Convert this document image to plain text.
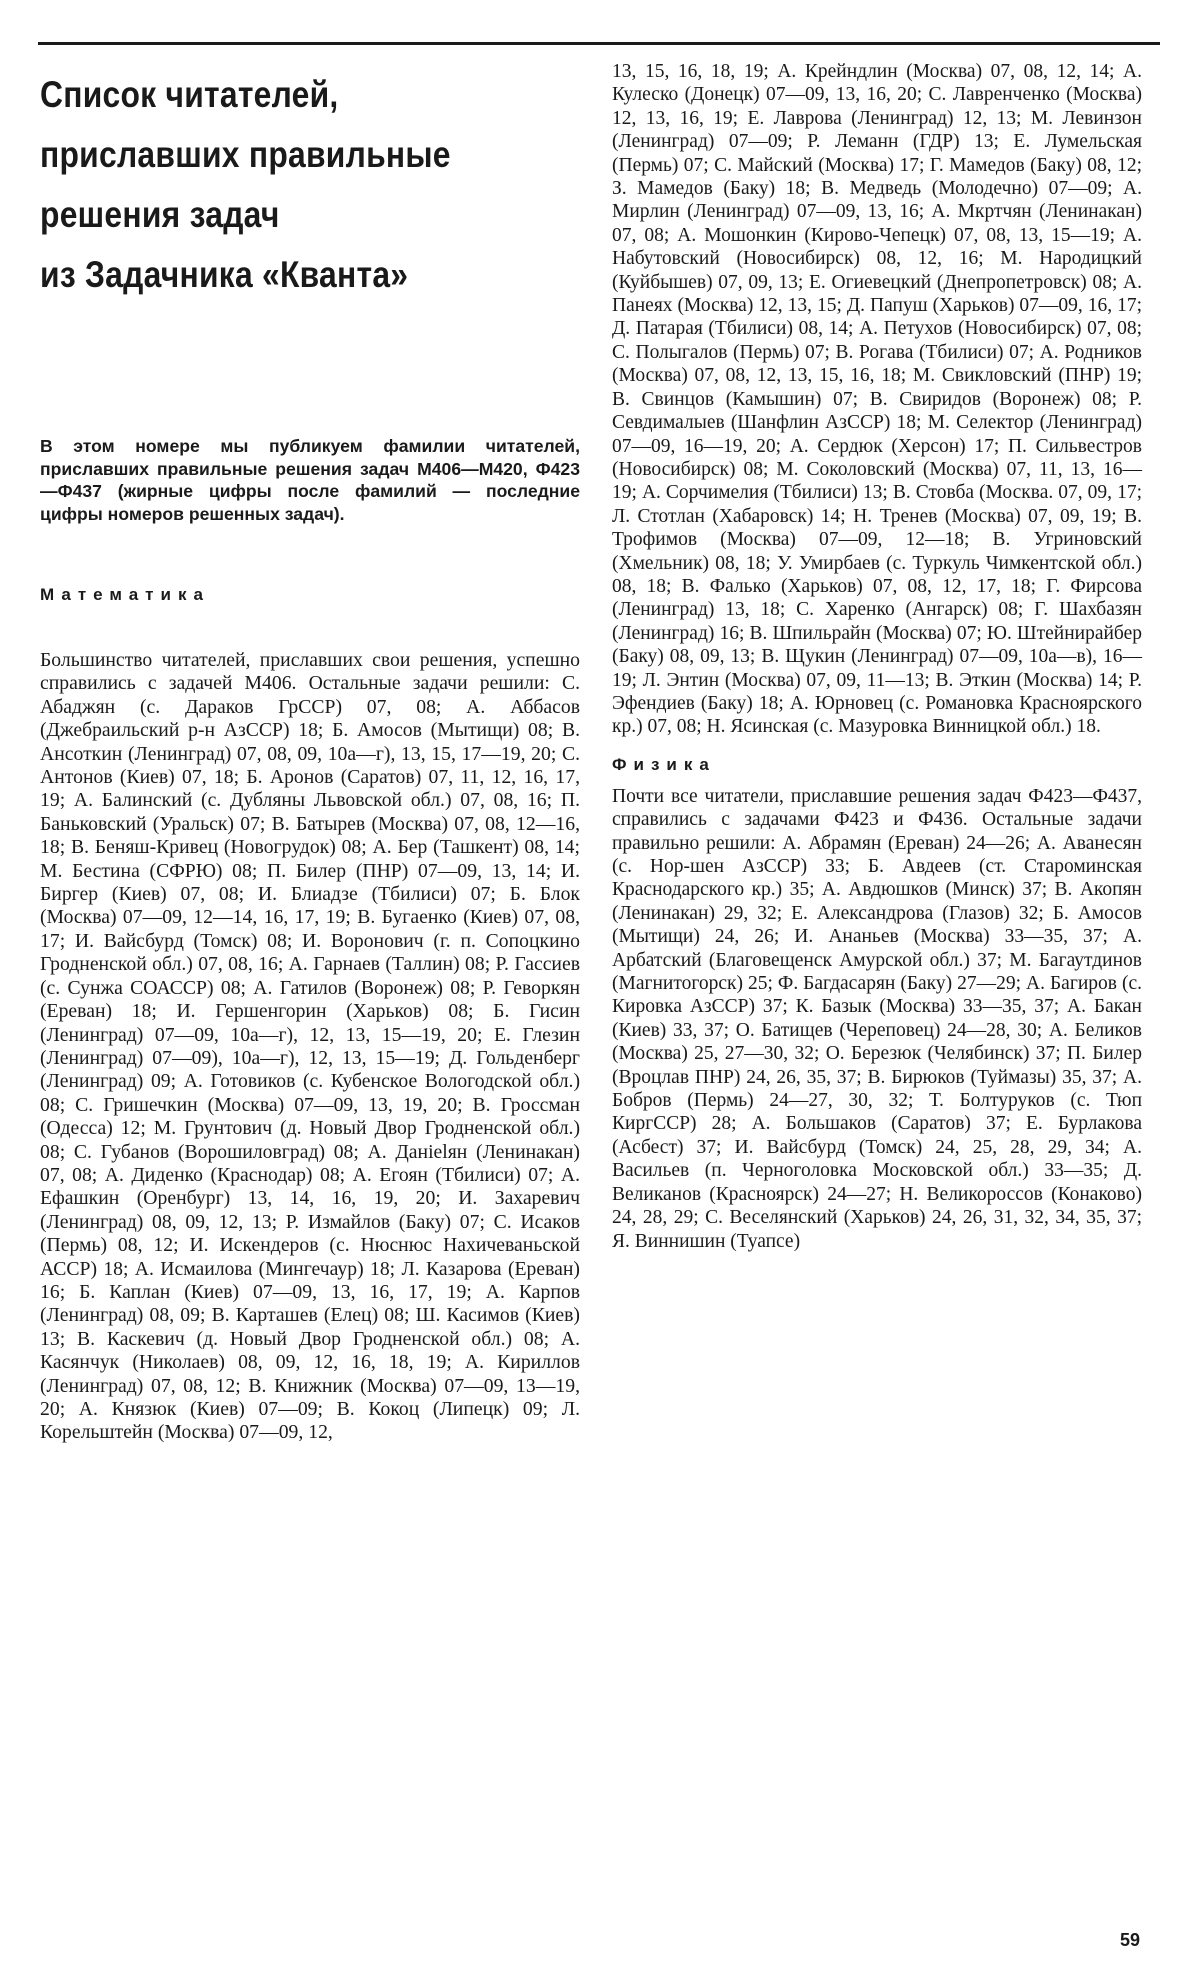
Список читателей,
приславших правильные
решения задач
из Задачника «Кванта»
В этом номере мы публикуем фамилии читателей, приславших правильные решения задач М406—М420, Ф423—Ф437 (жирные цифры после фамилий — последние цифры номеров решенных задач).
Математика
Большинство читателей, приславших свои решения, успешно справились с задачей М406. Остальные задачи решили: С. Абаджян (с. Дараков ГрССР) 07, 08; А. Аббасов (Джебраильский р-н АзССР) 18; Б. Амосов (Мытищи) 08; В. Ансоткин (Ленинград) 07, 08, 09, 10а—г), 13, 15, 17—19, 20; С. Антонов (Киев) 07, 18; Б. Аронов (Саратов) 07, 11, 12, 16, 17, 19; А. Балинский (с. Дубляны Львовской обл.) 07, 08, 16; П. Баньковский (Уральск) 07; В. Батырев (Москва) 07, 08, 12—16, 18; В. Беняш-Кривец (Новогрудок) 08; А. Бер (Ташкент) 08, 14; М. Бестина (СФРЮ) 08; П. Билер (ПНР) 07—09, 13, 14; И. Биргер (Киев) 07, 08; И. Блиадзе (Тбилиси) 07; Б. Блок (Москва) 07—09, 12—14, 16, 17, 19; В. Бугаенко (Киев) 07, 08, 17; И. Вайсбурд (Томск) 08; И. Воронович (г. п. Сопоцкино Гродненской обл.) 07, 08, 16; А. Гарнаев (Таллин) 08; Р. Гассиев (с. Сунжа СОАССР) 08; А. Гатилов (Воронеж) 08; Р. Геворкян (Ереван) 18; И. Гершенгорин (Харьков) 08; Б. Гисин (Ленинград) 07—09, 10а—г), 12, 13, 15—19, 20; Е. Глезин (Ленинград) 07—09), 10а—г), 12, 13, 15—19; Д. Гольденберг (Ленинград) 09; А. Готовиков (с. Кубенское Вологодской обл.) 08; С. Гришечкин (Москва) 07—09, 13, 19, 20; В. Гроссман (Одесса) 12; М. Грунтович (д. Новый Двор Гродненской обл.) 08; С. Губанов (Ворошиловград) 08; А. Данielян (Ленинакан) 07, 08; А. Диденко (Краснодар) 08; А. Егоян (Тбилиси) 07; А. Ефашкин (Оренбург) 13, 14, 16, 19, 20; И. Захаревич (Ленинград) 08, 09, 12, 13; Р. Измайлов (Баку) 07; С. Исаков (Пермь) 08, 12; И. Искендеров (с. Нюснюс Нахичеваньской АССР) 18; А. Исмаилова (Мингечаур) 18; Л. Казарова (Ереван) 16; Б. Каплан (Киев) 07—09, 13, 16, 17, 19; А. Карпов (Ленинград) 08, 09; В. Карташев (Елец) 08; Ш. Касимов (Киев) 13; В. Каскевич (д. Новый Двор Гродненской обл.) 08; А. Касянчук (Николаев) 08, 09, 12, 16, 18, 19; А. Кириллов (Ленинград) 07, 08, 12; В. Книжник (Москва) 07—09, 13—19, 20; А. Князюк (Киев) 07—09; В. Кокоц (Липецк) 09; Л. Корельштейн (Москва) 07—09, 12,
13, 15, 16, 18, 19; А. Крейндлин (Москва) 07, 08, 12, 14; А. Кулеско (Донецк) 07—09, 13, 16, 20; С. Лавренченко (Москва) 12, 13, 16, 19; Е. Лаврова (Ленинград) 12, 13; М. Левинзон (Ленинград) 07—09; Р. Леманн (ГДР) 13; Е. Лумельская (Пермь) 07; С. Майский (Москва) 17; Г. Мамедов (Баку) 08, 12; З. Мамедов (Баку) 18; В. Медведь (Молодечно) 07—09; А. Мирлин (Ленинград) 07—09, 13, 16; А. Мкртчян (Ленинакан) 07, 08; А. Мошонкин (Кирово-Чепецк) 07, 08, 13, 15—19; А. Набутовский (Новосибирск) 08, 12, 16; М. Народицкий (Куйбышев) 07, 09, 13; Е. Огиевецкий (Днепропетровск) 08; А. Панеях (Москва) 12, 13, 15; Д. Папуш (Харьков) 07—09, 16, 17; Д. Патарая (Тбилиси) 08, 14; А. Петухов (Новосибирск) 07, 08; С. Полыгалов (Пермь) 07; В. Рогава (Тбилиси) 07; А. Родников (Москва) 07, 08, 12, 13, 15, 16, 18; М. Свикловский (ПНР) 19; В. Свинцов (Камышин) 07; В. Свиридов (Воронеж) 08; Р. Севдималыев (Шанфлин АзССР) 18; М. Селектор (Ленинград) 07—09, 16—19, 20; А. Сердюк (Херсон) 17; П. Сильвестров (Новосибирск) 08; М. Соколовский (Москва) 07, 11, 13, 16—19; А. Сорчимелия (Тбилиси) 13; В. Стовба (Москва. 07, 09, 17; Л. Стотлан (Хабаровск) 14; Н. Тренев (Москва) 07, 09, 19; В. Трофимов (Москва) 07—09, 12—18; В. Угриновский (Хмельник) 08, 18; У. Умирбаев (с. Туркуль Чимкентской обл.) 08, 18; В. Фалько (Харьков) 07, 08, 12, 17, 18; Г. Фирсова (Ленинград) 13, 18; С. Харенко (Ангарск) 08; Г. Шахбазян (Ленинград) 16; В. Шпильрайн (Москва) 07; Ю. Штейнирайбер (Баку) 08, 09, 13; В. Щукин (Ленинград) 07—09, 10а—в), 16—19; Л. Энтин (Москва) 07, 09, 11—13; В. Эткин (Москва) 14; Р. Эфендиев (Баку) 18; А. Юрновец (с. Романовка Красноярского кр.) 07, 08; Н. Ясинская (с. Мазуровка Винницкой обл.) 18.
Физика
Почти все читатели, приславшие решения задач Ф423—Ф437, справились с задачами Ф423 и Ф436. Остальные задачи правильно решили: А. Абрамян (Ереван) 24—26; А. Аванесян (с. Нор-шен АзССР) 33; Б. Авдеев (ст. Староминская Краснодарского кр.) 35; А. Авдюшков (Минск) 37; В. Акопян (Ленинакан) 29, 32; Е. Александрова (Глазов) 32; Б. Амосов (Мытищи) 24, 26; И. Ананьев (Москва) 33—35, 37; А. Арбатский (Благовещенск Амурской обл.) 37; М. Багаутдинов (Магнитогорск) 25; Ф. Багдасарян (Баку) 27—29; А. Багиров (с. Кировка АзССР) 37; К. Базык (Москва) 33—35, 37; А. Бакан (Киев) 33, 37; О. Батищев (Череповец) 24—28, 30; А. Беликов (Москва) 25, 27—30, 32; О. Березюк (Челябинск) 37; П. Билер (Вроцлав ПНР) 24, 26, 35, 37; В. Бирюков (Туймазы) 35, 37; А. Бобров (Пермь) 24—27, 30, 32; Т. Болтуруков (с. Тюп КиргССР) 28; А. Большаков (Саратов) 37; Е. Бурлакова (Асбест) 37; И. Вайсбурд (Томск) 24, 25, 28, 29, 34; А. Васильев (п. Черноголовка Московской обл.) 33—35; Д. Великанов (Красноярск) 24—27; Н. Великороссов (Конаково) 24, 28, 29; С. Веселянский (Харьков) 24, 26, 31, 32, 34, 35, 37; Я. Виннишин (Туапсе)
59
